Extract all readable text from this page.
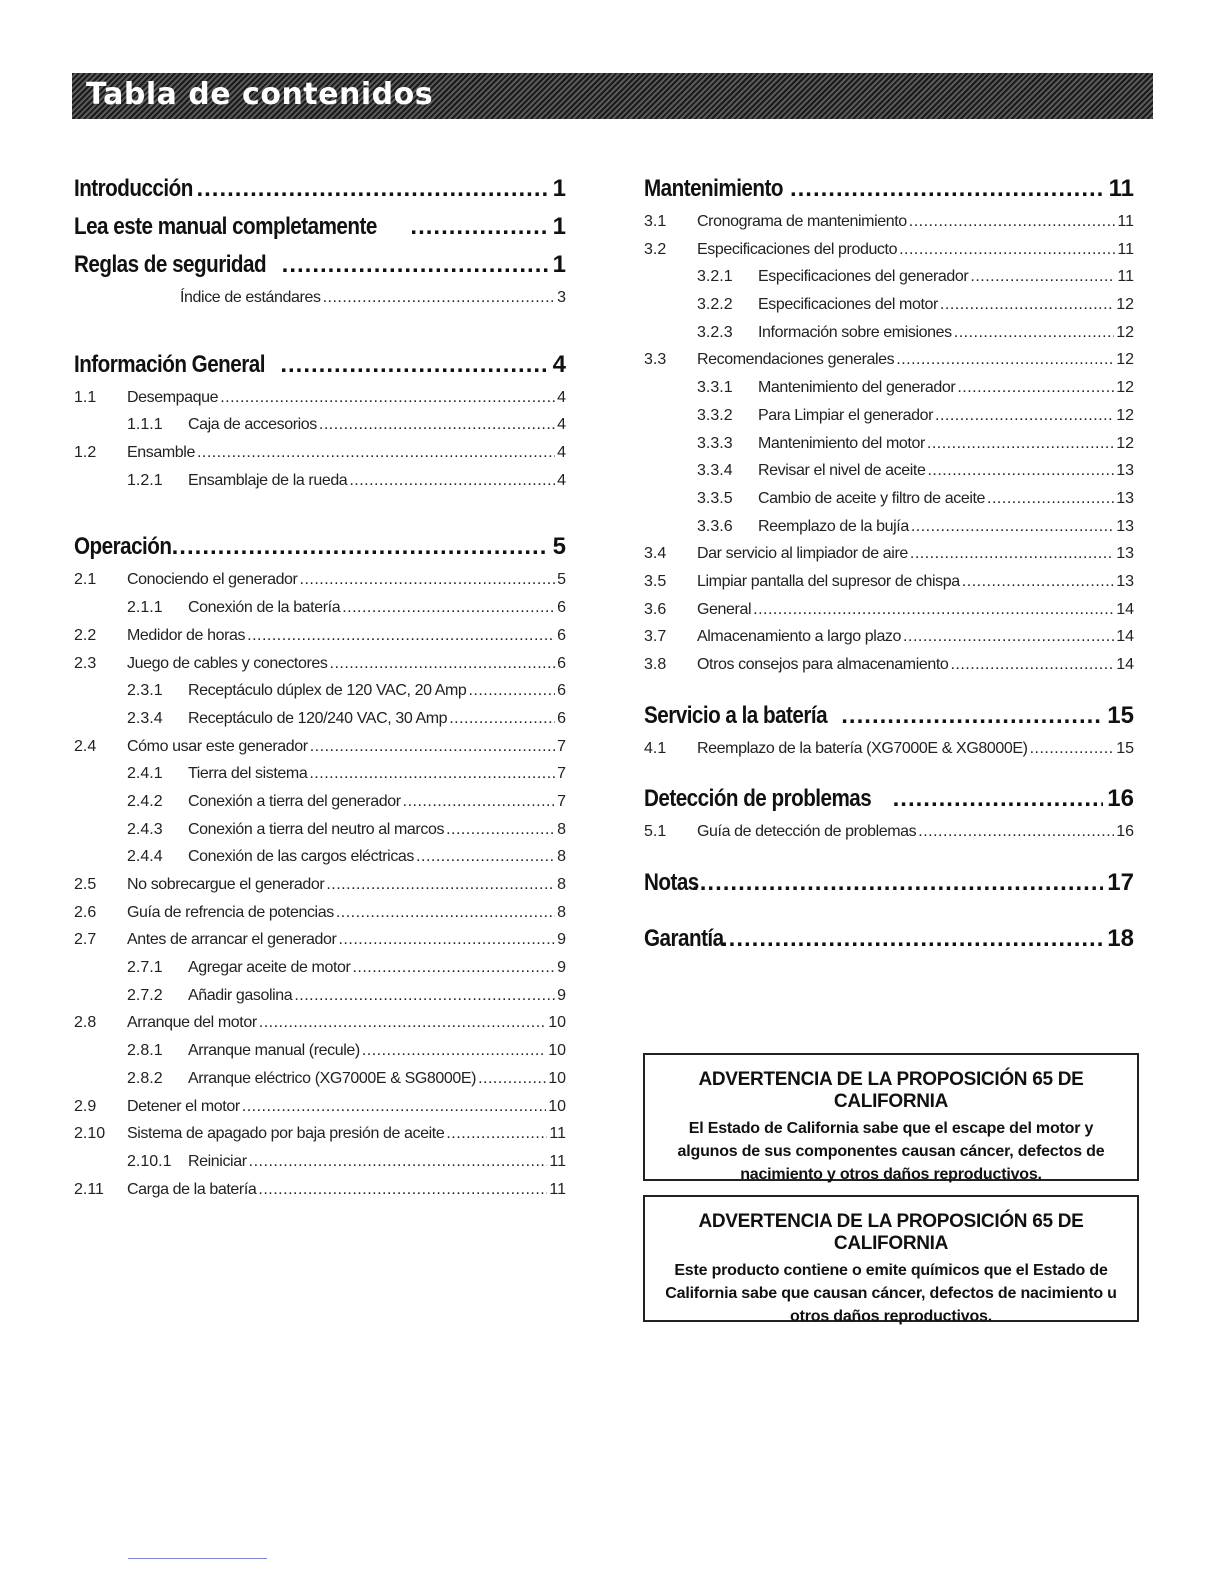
Tabla de contenidos
Introducción .....	1
Lea este manual completamente .....	1
Reglas de seguridad .....	1
Índice de estándares .....	3
Información General .....	4
1.1	Desempaque .....	4
1.1.1	Caja de accesorios .....	4
1.2	Ensamble .....	4
1.2.1	Ensamblaje de la rueda .....	4
Operación .....	5
2.1	Conociendo el generador .....	5
2.1.1	Conexión de la batería .....	6
2.2	Medidor de horas .....	6
2.3	Juego de cables y conectores .....	6
2.3.1	Receptáculo dúplex de 120 VAC, 20 Amp .....	6
2.3.4	Receptáculo de 120/240 VAC, 30 Amp .....	6
2.4	Cómo usar este generador .....	7
2.4.1	Tierra del sistema .....	7
2.4.2	Conexión a tierra del generador .....	7
2.4.3	Conexión a tierra del neutro al marcos .....	8
2.4.4	Conexión de las cargos eléctricas .....	8
2.5	No sobrecargue el generador .....	8
2.6	Guía de refrencia de potencias .....	8
2.7	Antes de arrancar el generador .....	9
2.7.1	Agregar aceite de motor .....	9
2.7.2	Añadir gasolina .....	9
2.8	Arranque del motor .....	10
2.8.1	Arranque manual (recule) .....	10
2.8.2	Arranque eléctrico (XG7000E & SG8000E) .....	10
2.9	Detener el motor .....	10
2.10	Sistema de apagado por baja presión de aceite .....	11
2.10.1	Reiniciar .....	11
2.11	Carga de la batería .....	11
Mantenimiento .....	11
3.1	Cronograma de mantenimiento .....	11
3.2	Especificaciones del producto .....	11
3.2.1	Especificaciones del generador .....	11
3.2.2	Especificaciones del motor .....	12
3.2.3	Información sobre emisiones .....	12
3.3	Recomendaciones generales .....	12
3.3.1	Mantenimiento del generador .....	12
3.3.2	Para Limpiar el generador .....	12
3.3.3	Mantenimiento del motor .....	12
3.3.4	Revisar el nivel de aceite .....	13
3.3.5	Cambio de aceite y filtro de aceite .....	13
3.3.6	Reemplazo de la bujía .....	13
3.4	Dar servicio al limpiador de aire .....	13
3.5	Limpiar pantalla del supresor de chispa .....	13
3.6	General .....	14
3.7	Almacenamiento a largo plazo .....	14
3.8	Otros consejos para almacenamiento .....	14
Servicio a la batería .....	15
4.1	Reemplazo de la batería (XG7000E & XG8000E) .....	15
Detección de problemas .....	16
5.1	Guía de detección de problemas .....	16
Notas .....	17
Garantía .....	18
ADVERTENCIA DE LA PROPOSICIÓN 65 DE CALIFORNIA
El Estado de California sabe que el escape del motor y algunos de sus componentes causan cáncer, defectos de nacimiento y otros daños reproductivos.
ADVERTENCIA DE LA PROPOSICIÓN 65 DE CALIFORNIA
Este producto contiene o emite químicos que el Estado de California sabe que causan cáncer, defectos de nacimiento u otros daños reproductivos.
